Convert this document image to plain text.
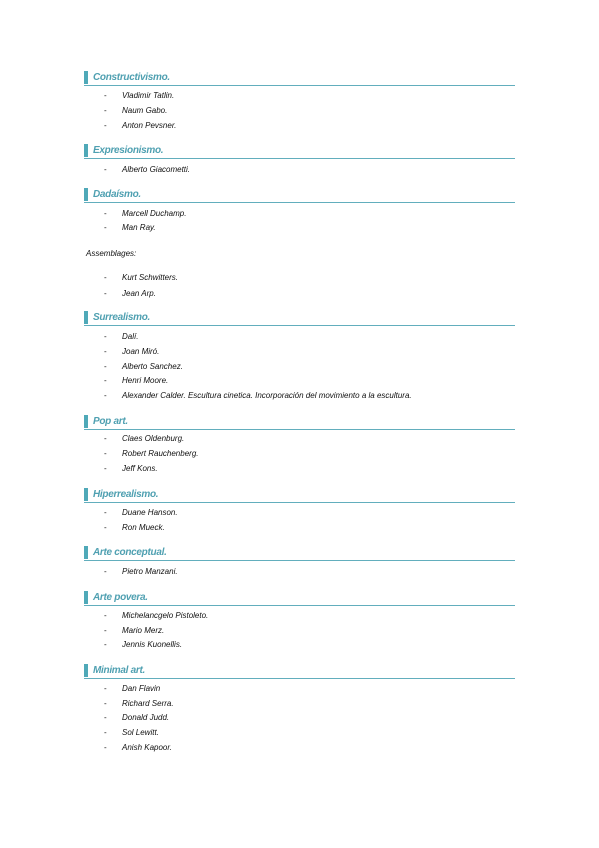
Constructivismo.
- Vladimir Tatlin.
- Naum Gabo.
- Anton Pevsner.
Expresionismo.
- Alberto Giacometti.
Dadaísmo.
- Marcell Duchamp.
- Man Ray.
Assemblages:
- Kurt Schwitters.
- Jean Arp.
Surrealismo.
- Dalí.
- Joan Miró.
- Alberto Sanchez.
- Henri Moore.
- Alexander Calder. Escultura cinetica. Incorporación del movimiento a la escultura.
Pop art.
- Claes Oldenburg.
- Robert Rauchenberg.
- Jeff Kons.
Hiperrealismo.
- Duane Hanson.
- Ron Mueck.
Arte conceptual.
- Pietro Manzani.
Arte povera.
- Michelancgelo Pistoleto.
- Mario Merz.
- Jennis Kuonellis.
Minimal art.
- Dan Flavin
- Richard Serra.
- Donald Judd.
- Sol Lewitt.
- Anish Kapoor.
